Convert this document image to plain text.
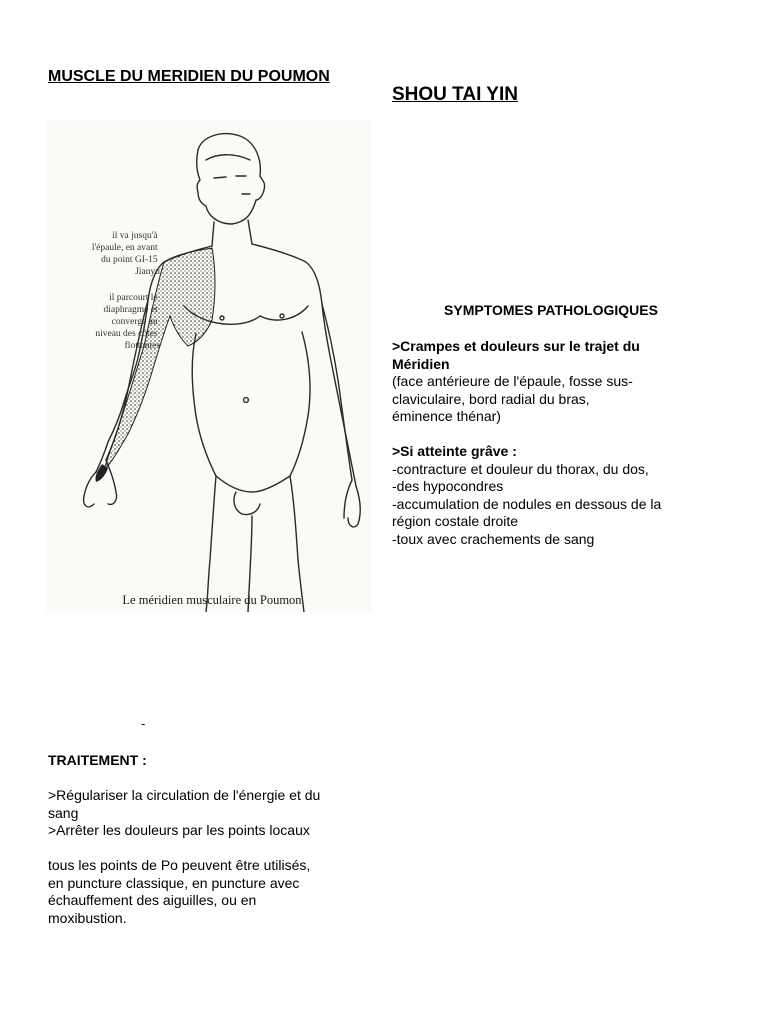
MUSCLE DU MERIDIEN DU POUMON
SHOU TAI YIN
il va jusqu'à l'épaule, en avant du point GI-15 Jianyu
il parcourt le diaphragme et converge au niveau des côtes flottantes
Le méridien musculaire du Poumon
SYMPTOMES PATHOLOGIQUES
>Crampes et douleurs sur le trajet du
Méridien
(face antérieure de l'épaule, fosse sus-
claviculaire, bord radial du bras,
éminence thénar)
>Si atteinte grâve :
-contracture et douleur du thorax, du dos,
-des hypocondres
-accumulation de nodules en dessous de la
région costale droite
-toux avec crachements de sang
-
TRAITEMENT :
>Régulariser la circulation de l'énergie et du
sang
>Arrêter les douleurs par les points locaux
tous les points de Po peuvent être utilisés,
en puncture classique, en puncture avec
échauffement des aiguilles, ou en
moxibustion.
